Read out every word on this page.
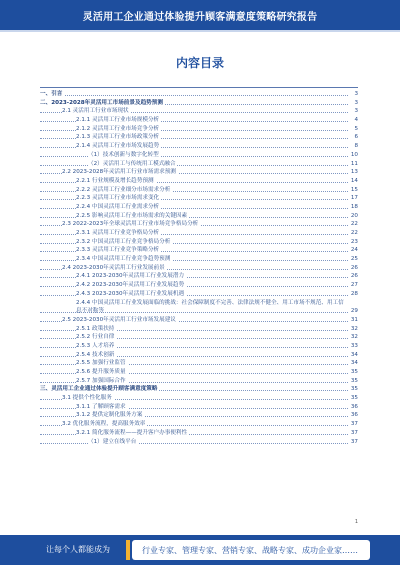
灵活用工企业通过体验提升顾客满意度策略研究报告
内容目录
一、引言	3
二、2023-2028年灵活用工市场前景及趋势预测	3
2.1 灵活用工行业市场现状	3
2.1.1 灵活用工行业市场规模分析	4
2.1.2 灵活用工行业市场竞争分析	5
2.1.3 灵活用工行业市场政策分析	6
2.1.4 灵活用工行业市场发展趋势	8
（1）技术创新与数字化转型	10
（2）灵活用工与传统用工模式融合	11
2.2 2023-2028年灵活用工行业市场需求预测	13
2.2.1 行业规模及增长趋势预测	14
2.2.2 灵活用工行业细分市场需求分析	15
2.2.3 灵活用工行业市场需求变化	17
2.2.4 中国灵活用工行业需求分析	18
2.2.5 影响灵活用工行业市场需求的关键因素	20
2.3 2022-2023年全球灵活用工行业市场竞争格局分析	22
2.3.1 灵活用工行业竞争格局分析	22
2.3.2 中国灵活用工行业竞争格局分析	23
2.3.3 灵活用工行业竞争策略分析	24
2.3.4 中国灵活用工行业竞争趋势预测	25
2.4 2023-2030年灵活用工行业发展前景	26
2.4.1 2023-2030年灵活用工行业发展潜力	26
2.4.2 2023-2030年灵活用工行业发展趋势	27
2.4.3 2023-2030年灵活用工行业发展机遇	28
2.4.4 中国灵活用工行业发展面临的挑战：社会保障制度不完善、法律法规不健全、用工市场不规范、用工信息不对称等	29
2.5 2023-2030年灵活用工行业市场发展建议	31
2.5.1 政策扶持	32
2.5.2 行业自律	32
2.5.3 人才培养	33
2.5.4 技术创新	34
2.5.5 加强行业监管	34
2.5.6 提升服务质量	35
2.5.7 加强国际合作	35
三、灵活用工企业通过体验提升顾客满意度策略	35
3.1 提供个性化服务	35
3.1.1 了解顾客需求	36
3.1.2 提供定制化服务方案	36
3.2 优化服务流程，提高服务效率	37
3.2.1 简化服务流程——提升客户办事便利性	37
（1）建立在线平台	37
1
让每个人都能成为	行业专家、管理专家、营销专家、战略专家、成功企业家……
